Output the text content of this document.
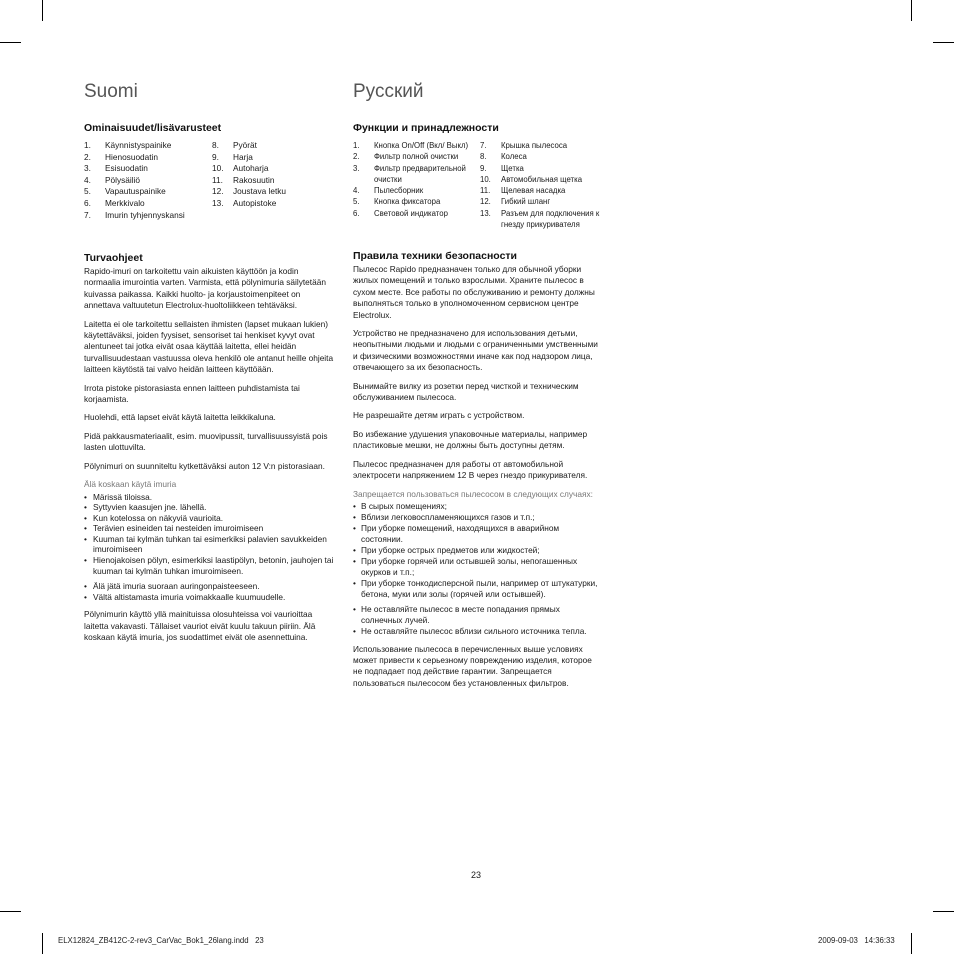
Suomi
Ominaisuudet/lisävarusteet
1.	Käynnistyspainike
2.	Hienosuodatin
3.	Esisuodatin
4.	Pölysäiliö
5.	Vapautuspainike
6.	Merkkivalo
7.	Imurin tyhjennyskansi
8.	Pyörät
9.	Harja
10.	Autoharja
11.	Rakosuutin
12.	Joustava letku
13.	Autopistoke
Turvaohjeet

Rapido-imuri on tarkoitettu vain aikuisten käyttöön ja kodin normaalia imurointia varten. Varmista, että pölynimuria säilytetään kuivassa paikassa. Kaikki huolto- ja korjaustoimenpiteet on annettava valtuutetun Electrolux-huoltoliikkeen tehtäväksi.

Laitetta ei ole tarkoitettu sellaisten ihmisten (lapset mukaan lukien) käytettäväksi, joiden fyysiset, sensoriset tai henkiset kyvyt ovat alentuneet tai jotka eivät osaa käyttää laitetta, ellei heidän turvallisuudestaan vastuussa oleva henkilö ole antanut heille ohjeita laitteen käytöstä tai valvo heidän laitteen käyttöään.

Irrota pistoke pistorasiasta ennen laitteen puhdistamista tai korjaamista.

Huolehdi, että lapset eivät käytä laitetta leikkikaluna.

Pidä pakkausmateriaalit, esim. muovipussit, turvallisuussyistä pois lasten ulottuvilta.

Pölynimuri on suunniteltu kytkettäväksi auton 12 V:n pistorasiaan.

Älä koskaan käytä imuria
• Märissä tiloissa.
• Syttyvien kaasujen jne. lähellä.
• Kun kotelossa on näkyviä vaurioita.
• Terävien esineiden tai nesteiden imuroimiseen
• Kuuman tai kylmän tuhkan tai esimerkiksi palavien savukkeiden imuroimiseen
• Hienojakoisen pölyn, esimerkiksi laastipölyn, betonin, jauhojen tai kuuman tai kylmän tuhkan imuroimiseen.
• Älä jätä imuria suoraan auringonpaisteeseen.
• Vältä altistamasta imuria voimakkaalle kuumuudelle.

Pölynimurin käyttö yllä mainituissa olosuhteissa voi vaurioittaa laitetta vakavasti. Tällaiset vauriot eivät kuulu takuun piiriin. Älä koskaan käytä imuria, jos suodattimet eivät ole asennettuina.

Русский
Функции и принадлежности
1.	Кнопка On/Off (Вкл/ Выкл)
2.	Фильтр полной очистки
3.	Фильтр предварительной очистки
4.	Пылесборник
5.	Кнопка фиксатора
6.	Световой индикатор
7.	Крышка пылесоса
8.	Колеса
9.	Щетка
10.	Автомобильная щетка
11.	Щелевая насадка
12.	Гибкий шланг
13.	Разъем для подключения к гнезду прикуривателя
Правила техники безопасности

Пылесос Rapido предназначен только для обычной уборки жилых помещений и только взрослыми. Храните пылесос в сухом месте. Все работы по обслуживанию и ремонту должны выполняться только в уполномоченном сервисном центре Electrolux.

Устройство не предназначено для использования детьми, неопытными людьми и людьми с ограниченными умственными и физическими возможностями иначе как под надзором лица, отвечающего за их безопасность.

Вынимайте вилку из розетки перед чисткой и техническим обслуживанием пылесоса.

Не разрешайте детям играть с устройством.

Во избежание удушения упаковочные материалы, например пластиковые мешки, не должны быть доступны детям.

Пылесос предназначен для работы от автомобильной электросети напряжением 12 В через гнездо прикуривателя.

Запрещается пользоваться пылесосом в следующих случаях:
• В сырых помещениях;
• Вблизи легковоспламеняющихся газов и т.п.;
• При уборке помещений, находящихся в аварийном состоянии.
• При уборке острых предметов или жидкостей;
• При уборке горячей или остывшей золы, непогашенных окурков и т.п.;
• При уборке тонкодисперсной пыли, например от штукатурки, бетона, муки или золы (горячей или остывшей).
• Не оставляйте пылесос в месте попадания прямых солнечных лучей.
• Не оставляйте пылесос вблизи сильного источника тепла.

Использование пылесоса в перечисленных выше условиях может привести к серьезному повреждению изделия, которое не подпадает под действие гарантии. Запрещается пользоваться пылесосом без установленных фильтров.

23
ELX12824_ZB412C-2-rev3_CarVac_Bok1_26lang.indd   23	2009-09-03   14:36:33
